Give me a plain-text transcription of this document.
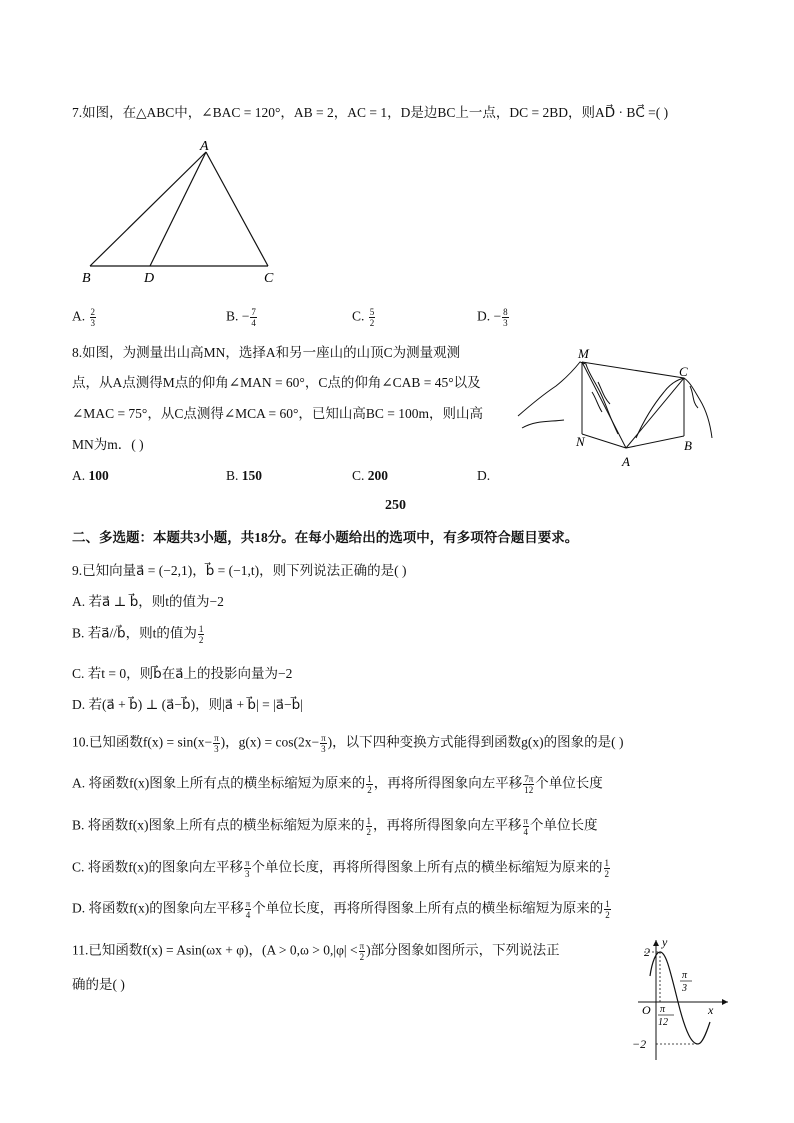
7.如图，在△ABC中，∠BAC = 120°，AB = 2，AC = 1，D是边BC上一点，DC = 2BD，则AD⃗ · BC⃗ =( )
A
B	D	C
A. $\frac{2}{3}$	B. − $\frac{7}{4}$	C. $\frac{5}{2}$	D. − $\frac{8}{3}$
8.如图，为测量出山高MN，选择A和另一座山的山顶C为测量观测
点，从A点测得M点的仰角∠MAN = 60°，C点的仰角∠CAB = 45°以及
∠MAC = 75°，从C点测得∠MCA = 60°，已知山高BC = 100m，则山高
MN为m．( )
M
C
N
A
B
A. 100	B. 150	C. 200	D.
250
二、多选题：本题共3小题，共18分。在每小题给出的选项中，有多项符合题目要求。
9.已知向量a⃗ = (−2,1)，b⃗ = (−1,t)，则下列说法正确的是( )
A. 若a⃗ ⊥ b⃗，则t的值为−2
B. 若a⃗//b⃗，则t的值为 $\frac{1}{2}$
C. 若t = 0，则b⃗在a⃗上的投影向量为−2
D. 若(a⃗ + b⃗) ⊥ (a⃗−b⃗)，则|a⃗ + b⃗| = |a⃗−b⃗|
10.已知函数$f(x) = \sin(x- \frac{\pi}{3}$ )，$g(x) = \cos(2x- \frac{\pi}{3}$ )，以下四种变换方式能得到函数g(x)的图象的是( )
A. 将函数f(x)图象上所有点的横坐标缩短为原来的 $\frac{1}{2}$ ，再将所得图象向左平移 $\frac{7\pi}{12}$ 个单位长度
B. 将函数f(x)图象上所有点的横坐标缩短为原来的 $\frac{1}{2}$ ，再将所得图象向左平移 $\frac{\pi}{4}$ 个单位长度
C. 将函数f(x)的图象向左平移 $\frac{\pi}{3}$ 个单位长度，再将所得图象上所有点的横坐标缩短为原来的 $\frac{1}{2}$
D. 将函数f(x)的图象向左平移 $\frac{\pi}{4}$ 个单位长度，再将所得图象上所有点的横坐标缩短为原来的 $\frac{1}{2}$
11.已知函数f(x) = Asin(ωx + φ)，($A > 0,\omega > 0,|\varphi| < \frac{\pi}{2}$ )部分图象如图所示，下列说法正
确的是( )
y
x
O
2
−2
π
12
π
3
